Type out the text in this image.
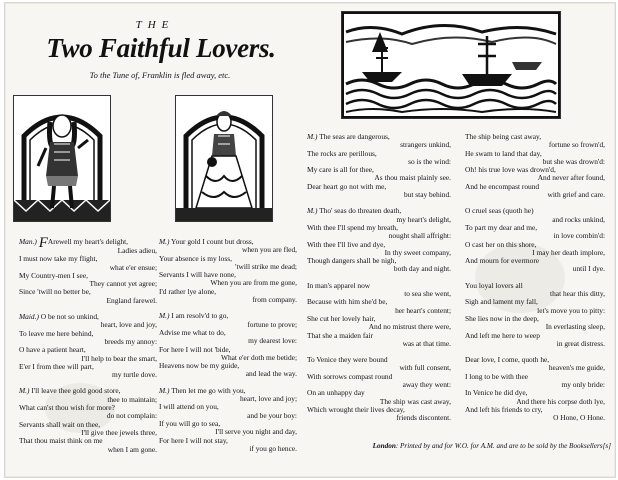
THE
Two Faithful Lovers.
To the Tune of, Franklin is fled away, etc.
Man.) FArewell my heart's delight,
Ladies adieu,
I must now take my flight,
what e'er ensue;
My Country-men I see,
They cannot yet agree;
Since 'twill no better be,
England farewel.
Maid.) O be not so unkind,
heart, love and joy,
To leave me here behind,
breeds my annoy:
O have a patient heart,
I'll help to bear the smart,
E'er I from thee will part,
my turtle dove.
M.) I'll leave thee gold good store,
thee to maintain;
What can'st thou wish for more?
do not complain:
Servants shall wait on thee,
I'll give thee jewels three,
That thou maist think on me
when I am gone.
M.) Your gold I count but dross,
when you are fled,
Your absence is my loss,
'twill strike me dead;
Servants I will have none,
When you are from me gone,
I'd rather lye alone,
from company.
M.) I am resolv'd to go,
fortune to prove;
Advise me what to do,
my dearest love:
For here I will not 'bide,
What e'er doth me betide;
Heavens now be my guide,
and lead the way.
M.) Then let me go with you,
heart, love and joy;
I will attend on you,
and be your boy:
If you will go to sea,
I'll serve you night and day,
For here I will not stay,
if you go hence.
M.) The seas are dangerous,
strangers unkind,
The rocks are perillous,
so is the wind:
My care is all for thee,
As thou maist plainly see.
Dear heart go not with me,
but stay behind.
M.) Tho' seas do threaten death,
my heart's delight,
With thee I'll spend my breath,
nought shall affright:
With thee I'll live and dye,
In thy sweet company,
Though dangers shall be nigh,
both day and night.
In man's apparel now
to sea she went,
Because with him she'd be,
her heart's content;
She cut her lovely hair,
And no mistrust there were,
That she a maiden fair
was at that time.
To Venice they were bound
with full consent,
With sorrows compast round
away they went:
On an unhappy day
The ship was cast away,
Which wrought their lives decay,
friends discontent.
The ship being cast away,
fortune so frown'd,
He swam to land that day,
but she was drown'd:
Oh! his true love was drown'd,
And never after found,
And he encompast round
with grief and care.
O cruel seas (quoth he)
and rocks unkind,
To part my dear and me,
in love combin'd:
O cast her on this shore,
I may her death implore,
And mourn for evermore
until I dye.
You loyal lovers all
that hear this ditty,
Sigh and lament my fall,
let's move you to pitty:
She lies now in the deep,
In everlasting sleep,
And left me here to weep
in great distress.
Dear love, I come, quoth he,
heaven's me guide,
I long to be with thee
my only bride:
In Venice he did dye,
And there his corpse doth lye,
And left his friends to cry,
O Hone, O Hone.
London: Printed by and for W.O. for A.M. and are to be sold by the Booksellers[s]
